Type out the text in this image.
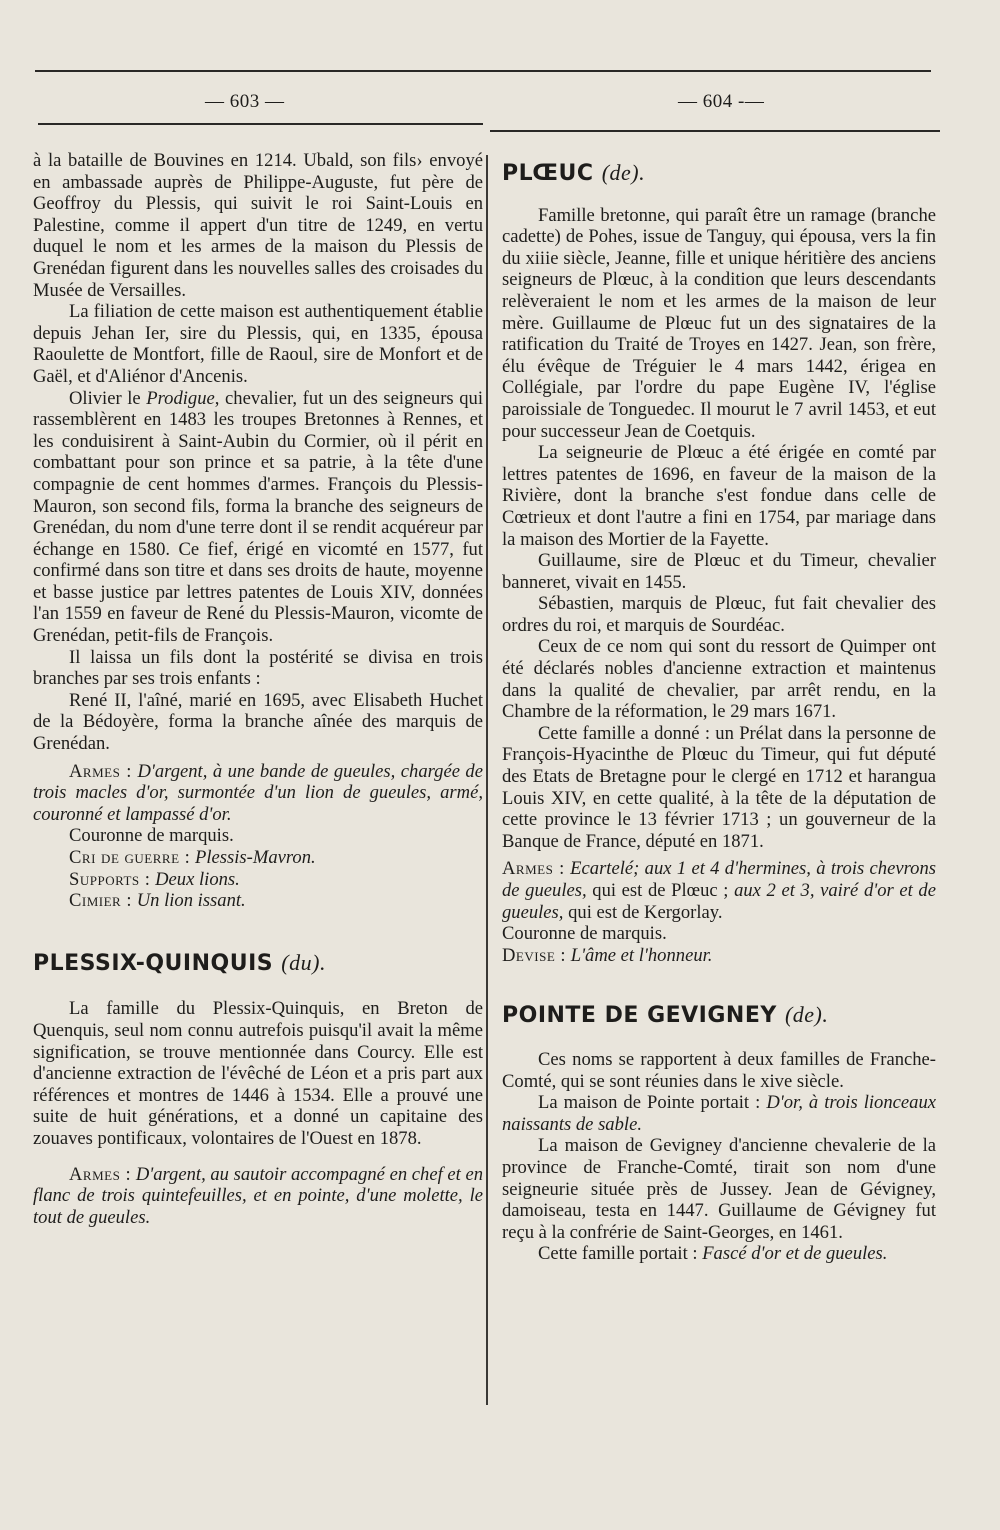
— 603 —	— 604 -—

à la bataille de Bouvines en 1214. Ubald, son fils› envoyé en ambassade auprès de Philippe-Auguste, fut père de Geoffroy du Plessis, qui suivit le roi Saint-Louis en Palestine, comme il appert d'un titre de 1249, en vertu duquel le nom et les armes de la maison du Plessis de Grenédan figurent dans les nouvelles salles des croisades du Musée de Versailles.

La filiation de cette maison est authentiquement établie depuis Jehan Ier, sire du Plessis, qui, en 1335, épousa Raoulette de Montfort, fille de Raoul, sire de Monfort et de Gaël, et d'Aliénor d'Ancenis.

Olivier le Prodigue, chevalier, fut un des seigneurs qui rassemblèrent en 1483 les troupes Bretonnes à Rennes, et les conduisirent à Saint-Aubin du Cormier, où il périt en combattant pour son prince et sa patrie, à la tête d'une compagnie de cent hommes d'armes. François du Plessis-Mauron, son second fils, forma la branche des seigneurs de Grenédan, du nom d'une terre dont il se rendit acquéreur par échange en 1580. Ce fief, érigé en vicomté en 1577, fut confirmé dans son titre et dans ses droits de haute, moyenne et basse justice par lettres patentes de Louis XIV, données l'an 1559 en faveur de René du Plessis-Mauron, vicomte de Grenédan, petit-fils de François.

Il laissa un fils dont la postérité se divisa en trois branches par ses trois enfants :

René II, l'aîné, marié en 1695, avec Elisabeth Huchet de la Bédoyère, forma la branche aînée des marquis de Grenédan.

Armes : D'argent, à une bande de gueules, chargée de trois macles d'or, surmontée d'un lion de gueules, armé, couronné et lampassé d'or.

Couronne de marquis.

Cri de guerre : Plessis-Mavron.

Supports : Deux lions.

Cimier : Un lion issant.

PLESSIX-QUINQUIS (du).

La famille du Plessix-Quinquis, en Breton de Quenquis, seul nom connu autrefois puisqu'il avait la même signification, se trouve mentionnée dans Courcy. Elle est d'ancienne extraction de l'évêché de Léon et a pris part aux références et montres de 1446 à 1534. Elle a prouvé une suite de huit générations, et a donné un capitaine des zouaves pontificaux, volontaires de l'Ouest en 1878.

Armes : D'argent, au sautoir accompagné en chef et en flanc de trois quintefeuilles, et en pointe, d'une molette, le tout de gueules.

PLŒUC (de).

Famille bretonne, qui paraît être un ramage (branche cadette) de Pohes, issue de Tanguy, qui épousa, vers la fin du xiiie siècle, Jeanne, fille et unique héritière des anciens seigneurs de Plœuc, à la condition que leurs descendants relèveraient le nom et les armes de la maison de leur mère. Guillaume de Plœuc fut un des signataires de la ratification du Traité de Troyes en 1427. Jean, son frère, élu évêque de Tréguier le 4 mars 1442, érigea en Collégiale, par l'ordre du pape Eugène IV, l'église paroissiale de Tonguedec. Il mourut le 7 avril 1453, et eut pour successeur Jean de Coetquis.

La seigneurie de Plœuc a été érigée en comté par lettres patentes de 1696, en faveur de la maison de la Rivière, dont la branche s'est fondue dans celle de Cœtrieux et dont l'autre a fini en 1754, par mariage dans la maison des Mortier de la Fayette.

Guillaume, sire de Plœuc et du Timeur, chevalier banneret, vivait en 1455.

Sébastien, marquis de Plœuc, fut fait chevalier des ordres du roi, et marquis de Sourdéac.

Ceux de ce nom qui sont du ressort de Quimper ont été déclarés nobles d'ancienne extraction et maintenus dans la qualité de chevalier, par arrêt rendu, en la Chambre de la réformation, le 29 mars 1671.

Cette famille a donné : un Prélat dans la personne de François-Hyacinthe de Plœuc du Timeur, qui fut député des Etats de Bretagne pour le clergé en 1712 et harangua Louis XIV, en cette qualité, à la tête de la députation de cette province le 13 février 1713 ; un gouverneur de la Banque de France, député en 1871.

Armes : Ecartelé; aux 1 et 4 d'hermines, à trois chevrons de gueules, qui est de Plœuc ; aux 2 et 3, vairé d'or et de gueules, qui est de Kergorlay.

Couronne de marquis.

Devise : L'âme et l'honneur.

POINTE DE GEVIGNEY (de).

Ces noms se rapportent à deux familles de Franche-Comté, qui se sont réunies dans le xive siècle.

La maison de Pointe portait : D'or, à trois lionceaux naissants de sable.

La maison de Gevigney d'ancienne chevalerie de la province de Franche-Comté, tirait son nom d'une seigneurie située près de Jussey. Jean de Gévigney, damoiseau, testa en 1447. Guillaume de Gévigney fut reçu à la confrérie de Saint-Georges, en 1461.

Cette famille portait : Fascé d'or et de gueules.
